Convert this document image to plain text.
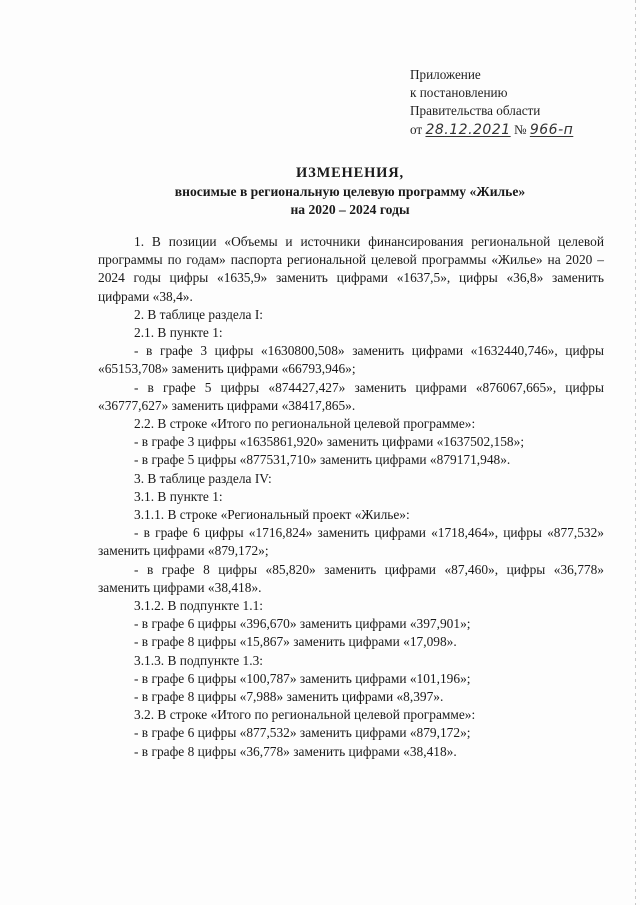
Приложение
к постановлению
Правительства области
от 28.12.2021 № 966-п
ИЗМЕНЕНИЯ,
вносимые в региональную целевую программу «Жилье»
на 2020 – 2024 годы

1. В позиции «Объемы и источники финансирования региональной целевой программы по годам» паспорта региональной целевой программы «Жилье» на 2020 – 2024 годы цифры «1635,9» заменить цифрами «1637,5», цифры «36,8» заменить цифрами «38,4».

2. В таблице раздела I:

2.1. В пункте 1:

- в графе 3 цифры «1630800,508» заменить цифрами «1632440,746», цифры «65153,708» заменить цифрами «66793,946»;

- в графе 5 цифры «874427,427» заменить цифрами «876067,665», цифры «36777,627» заменить цифрами «38417,865».

2.2. В строке «Итого по региональной целевой программе»:

- в графе 3 цифры «1635861,920» заменить цифрами «1637502,158»;

- в графе 5 цифры «877531,710» заменить цифрами «879171,948».

3. В таблице раздела IV:

3.1. В пункте 1:

3.1.1. В строке «Региональный проект «Жилье»:

- в графе 6 цифры «1716,824» заменить цифрами «1718,464», цифры «877,532» заменить цифрами «879,172»;

- в графе 8 цифры «85,820» заменить цифрами «87,460», цифры «36,778» заменить цифрами «38,418».

3.1.2. В подпункте 1.1:

- в графе 6 цифры «396,670» заменить цифрами «397,901»;

- в графе 8 цифры «15,867» заменить цифрами «17,098».

3.1.3. В подпункте 1.3:

- в графе 6 цифры «100,787» заменить цифрами «101,196»;

- в графе 8 цифры «7,988» заменить цифрами «8,397».

3.2. В строке «Итого по региональной целевой программе»:

- в графе 6 цифры «877,532» заменить цифрами «879,172»;

- в графе 8 цифры «36,778» заменить цифрами «38,418».
